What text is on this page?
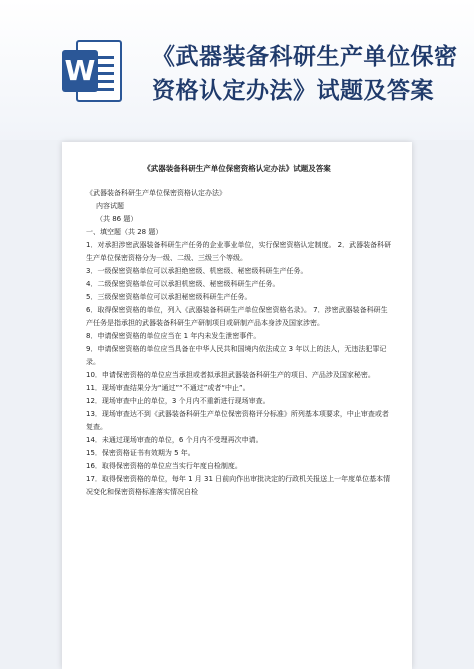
W 《武器装备科研生产单位保密资格认定办法》试题及答案
《武器装备科研生产单位保密资格认定办法》试题及答案
《武器装备科研生产单位保密资格认定办法》
内容试题
（共 86 题）
一、填空题（共 28 题）
1．对承担涉密武器装备科研生产任务的企业事业单位，实行保密资格认定制度。 2．武器装备科研生产单位保密资格分为一级、二级、三级三个等级。
3．一级保密资格单位可以承担绝密级、机密级、秘密级科研生产任务。
4．二级保密资格单位可以承担机密级、秘密级科研生产任务。
5．三级保密资格单位可以承担秘密级科研生产任务。
6．取得保密资格的单位，列入《武器装备科研生产单位保密资格名录》。 7．涉密武器装备科研生产任务是指承担的武器装备科研生产研制项目或研制产品本身涉及国家涉密。
8．申请保密资格的单位应当在 1 年内未发生泄密事件。
9．申请保密资格的单位应当具备在中华人民共和国境内依法成立 3 年以上的法人，无违法犯罪记录。
10．申请保密资格的单位应当承担或者拟承担武器装备科研生产的项目、产品涉及国家秘密。
11．现场审查结果分为“通过”“不通过”或者“中止”。
12．现场审查中止的单位，3 个月内不重新进行现场审查。
13．现场审查达不到《武器装备科研生产单位保密资格评分标准》所列基本项要求，中止审查或者复查。
14．未通过现场审查的单位，6 个月内不受理再次申请。
15．保密资格证书有效期为 5 年。
16．取得保密资格的单位应当实行年度自检制度。
17．取得保密资格的单位，每年 1 月 31 日前向作出审批决定的行政机关报送上一年度单位基本情况变化和保密资格标准落实情况自检
